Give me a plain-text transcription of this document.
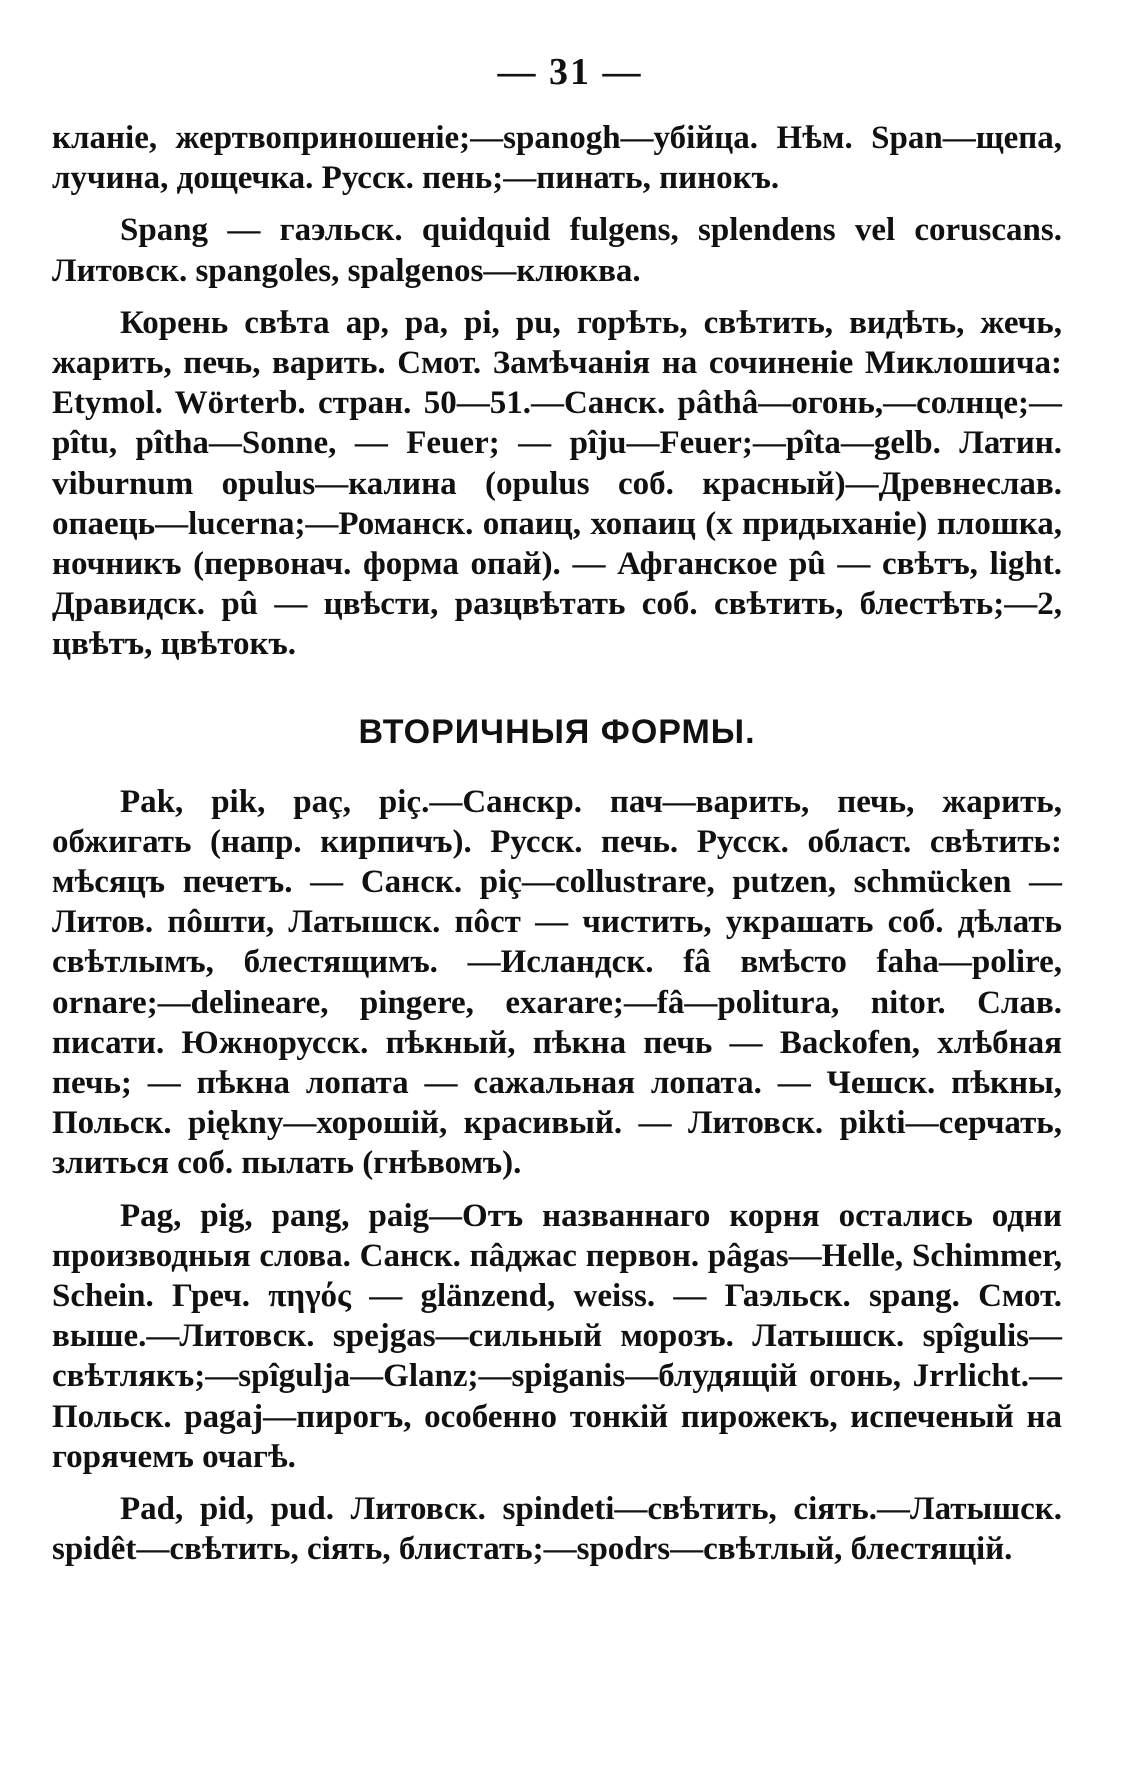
— 31 —

кланіе, жертвоприношеніе;—spanogh—убійца. Нѣм. Span—щепа, лучина, дощечка. Русск. пень;—пинать, пинокъ.

Spang — гаэльск. quidquid fulgens, splendens vel coruscans. Литовск. spangoles, spalgenos—клюква.

Корень свѣта ар, ра, pi, pu, горѣть, свѣтить, видѣть, жечь, жарить, печь, варить. Смот. Замѣчанія на сочиненіе Миклошича: Etymol. Wörterb. стран. 50—51.—Санск. pâthâ—огонь,—солнце;—pîtu, pîtha—Sonne, — Feuer; — pîju—Feuer;—pîta—gelb. Латин. viburnum opulus—калина (opulus соб. красный)—Древнеслав. опаець—lucerna;—Романск. опаиц, хопаиц (х придыханіе) плошка, ночникъ (первонач. форма опай). — Афганское рû — свѣтъ, light. Дравидск. рû — цвѣсти, разцвѣтать соб. свѣтить, блестѣть;—2, цвѣтъ, цвѣтокъ.

ВТОРИЧНЫЯ ФОРМЫ.

Pak, pik, paç, piç.—Санскр. пач—варить, печь, жарить, обжигать (напр. кирпичъ). Русск. печь. Русск. област. свѣтить: мѣсяцъ печетъ. — Санск. piç—collustrare, putzen, schmücken — Литов. пôшти, Латышск. пôст — чистить, украшать соб. дѣлать свѣтлымъ, блестящимъ. —Исландск. fâ вмѣсто faha—polire, ornare;—delineare, pingere, exarare;—fâ—politura, nitor. Слав. писати. Южнорусск. пѣкный, пѣкна печь — Backofen, хлѣбная печь; — пѣкна лопата — сажальная лопата. — Чешск. пѣкны, Польск. piękny—хорошій, красивый. — Литовск. pikti—серчать, злиться соб. пылать (гнѣвомъ).

Pag, pig, pang, paig—Отъ названнаго корня остались одни производныя слова. Санск. пâджас первон. pâgas—Helle, Schimmer, Schein. Греч. πηγός — glänzend, weiss. — Гаэльск. spang. Смот. выше.—Литовск. spejgas—сильный морозъ. Латышск. spîgulis—свѣтлякъ;—spîgulja—Glanz;—spiganis—блудящій огонь, Jrrlicht.—Польск. pagaj—пирогъ, особенно тонкій пирожекъ, испеченый на горячемъ очагѣ.

Pad, pid, pud. Литовск. spindeti—свѣтить, сіять.—Латышск. spidêt—свѣтить, сіять, блистать;—spodrs—свѣтлый, блестящій.
